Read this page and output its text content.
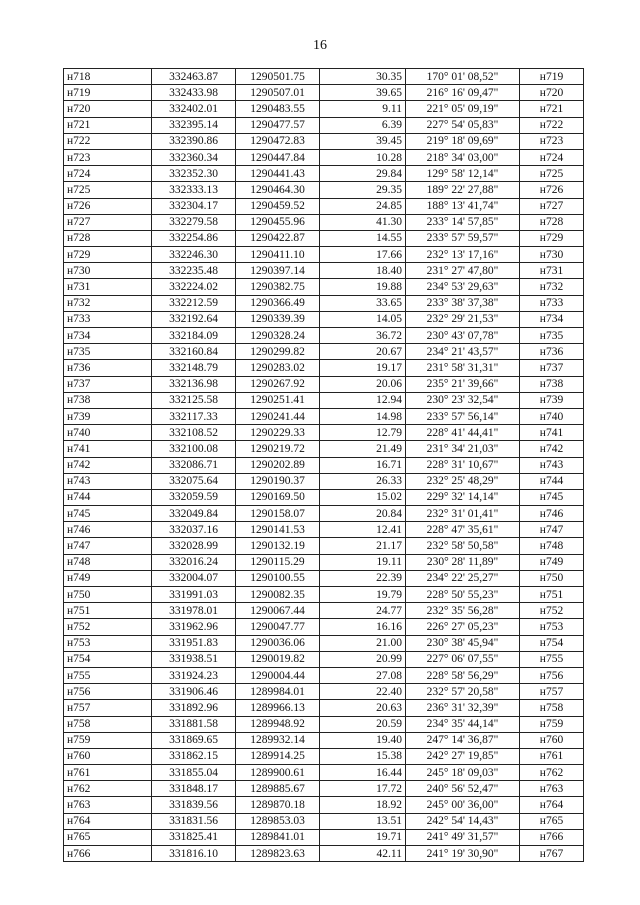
16
н718	332463.87	1290501.75	30.35	170° 01' 08,52"	н719
н719	332433.98	1290507.01	39.65	216° 16' 09,47"	н720
н720	332402.01	1290483.55	9.11	221° 05' 09,19"	н721
н721	332395.14	1290477.57	6.39	227° 54' 05,83"	н722
н722	332390.86	1290472.83	39.45	219° 18' 09,69"	н723
н723	332360.34	1290447.84	10.28	218° 34' 03,00"	н724
н724	332352.30	1290441.43	29.84	129° 58' 12,14"	н725
н725	332333.13	1290464.30	29.35	189° 22' 27,88"	н726
н726	332304.17	1290459.52	24.85	188° 13' 41,74"	н727
н727	332279.58	1290455.96	41.30	233° 14' 57,85"	н728
н728	332254.86	1290422.87	14.55	233° 57' 59,57"	н729
н729	332246.30	1290411.10	17.66	232° 13' 17,16"	н730
н730	332235.48	1290397.14	18.40	231° 27' 47,80"	н731
н731	332224.02	1290382.75	19.88	234° 53' 29,63"	н732
н732	332212.59	1290366.49	33.65	233° 38' 37,38"	н733
н733	332192.64	1290339.39	14.05	232° 29' 21,53"	н734
н734	332184.09	1290328.24	36.72	230° 43' 07,78"	н735
н735	332160.84	1290299.82	20.67	234° 21' 43,57"	н736
н736	332148.79	1290283.02	19.17	231° 58' 31,31"	н737
н737	332136.98	1290267.92	20.06	235° 21' 39,66"	н738
н738	332125.58	1290251.41	12.94	230° 23' 32,54"	н739
н739	332117.33	1290241.44	14.98	233° 57' 56,14"	н740
н740	332108.52	1290229.33	12.79	228° 41' 44,41"	н741
н741	332100.08	1290219.72	21.49	231° 34' 21,03"	н742
н742	332086.71	1290202.89	16.71	228° 31' 10,67"	н743
н743	332075.64	1290190.37	26.33	232° 25' 48,29"	н744
н744	332059.59	1290169.50	15.02	229° 32' 14,14"	н745
н745	332049.84	1290158.07	20.84	232° 31' 01,41"	н746
н746	332037.16	1290141.53	12.41	228° 47' 35,61"	н747
н747	332028.99	1290132.19	21.17	232° 58' 50,58"	н748
н748	332016.24	1290115.29	19.11	230° 28' 11,89"	н749
н749	332004.07	1290100.55	22.39	234° 22' 25,27"	н750
н750	331991.03	1290082.35	19.79	228° 50' 55,23"	н751
н751	331978.01	1290067.44	24.77	232° 35' 56,28"	н752
н752	331962.96	1290047.77	16.16	226° 27' 05,23"	н753
н753	331951.83	1290036.06	21.00	230° 38' 45,94"	н754
н754	331938.51	1290019.82	20.99	227° 06' 07,55"	н755
н755	331924.23	1290004.44	27.08	228° 58' 56,29"	н756
н756	331906.46	1289984.01	22.40	232° 57' 20,58"	н757
н757	331892.96	1289966.13	20.63	236° 31' 32,39"	н758
н758	331881.58	1289948.92	20.59	234° 35' 44,14"	н759
н759	331869.65	1289932.14	19.40	247° 14' 36,87"	н760
н760	331862.15	1289914.25	15.38	242° 27' 19,85"	н761
н761	331855.04	1289900.61	16.44	245° 18' 09,03"	н762
н762	331848.17	1289885.67	17.72	240° 56' 52,47"	н763
н763	331839.56	1289870.18	18.92	245° 00' 36,00"	н764
н764	331831.56	1289853.03	13.51	242° 54' 14,43"	н765
н765	331825.41	1289841.01	19.71	241° 49' 31,57"	н766
н766	331816.10	1289823.63	42.11	241° 19' 30,90"	н767
